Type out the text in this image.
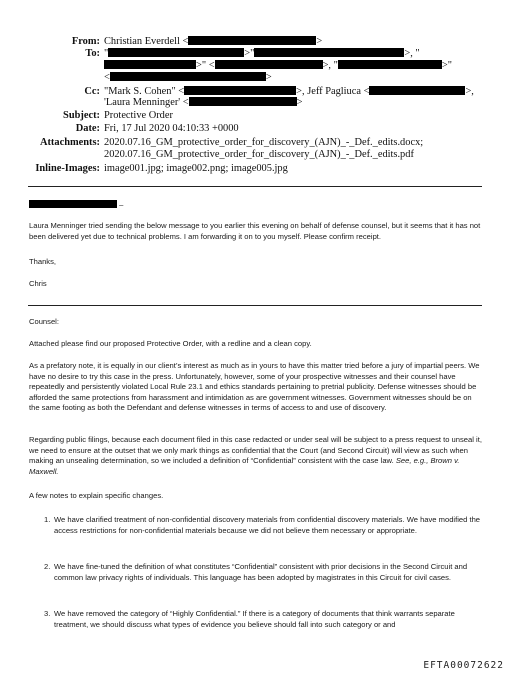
From: Christian Everdell <	>
To: "	>"	>, "
>" <	>, "	>"
<	>
Cc: "Mark S. Cohen" <	>, Jeff Pagliuca <	>,
'Laura Menninger' <	>
Subject: Protective Order
Date: Fri, 17 Jul 2020 04:10:33 +0000
Attachments: 2020.07.16_GM_protective_order_for_discovery_(AJN)_-_Def._edits.docx;
2020.07.16_GM_protective_order_for_discovery_(AJN)_-_Def._edits.pdf
Inline-Images: image001.jpg; image002.png; image005.jpg
–

Laura Menninger tried sending the below message to you earlier this evening on behalf of defense counsel, but it seems that it has not been delivered yet due to technical problems. I am forwarding it on to you myself. Please confirm receipt.

Thanks,

Chris

Counsel:

Attached please find our proposed Protective Order, with a redline and a clean copy.

As a prefatory note, it is equally in our client’s interest as much as in yours to have this matter tried before a jury of impartial peers. We have no desire to try this case in the press. Unfortunately, however, some of your prospective witnesses and their counsel have repeatedly and persistently violated Local Rule 23.1 and ethics standards pertaining to pretrial publicity. Defense witnesses should be afforded the same protections from harassment and intimidation as are government witnesses. Government witnesses should be on the same footing as both the Defendant and defense witnesses in terms of access to and use of discovery.

Regarding public filings, because each document filed in this case redacted or under seal will be subject to a press request to unseal it, we need to ensure at the outset that we only mark things as confidential that the Court (and Second Circuit) will view as such when making an unsealing determination, so we included a definition of “Confidential” consistent with the case law. See, e.g., Brown v. Maxwell.

A few notes to explain specific changes.

1. We have clarified treatment of non-confidential discovery materials from confidential discovery materials. We have modified the access restrictions for non-confidential materials because we did not believe them necessary or appropriate.
2. We have fine-tuned the definition of what constitutes “Confidential” consistent with prior decisions in the Second Circuit and common law privacy rights of individuals. This language has been adopted by magistrates in this Circuit for civil cases.
3. We have removed the category of “Highly Confidential.” If there is a category of documents that think warrants separate treatment, we should discuss what types of evidence you believe should fall into such category or and
EFTA00072622
